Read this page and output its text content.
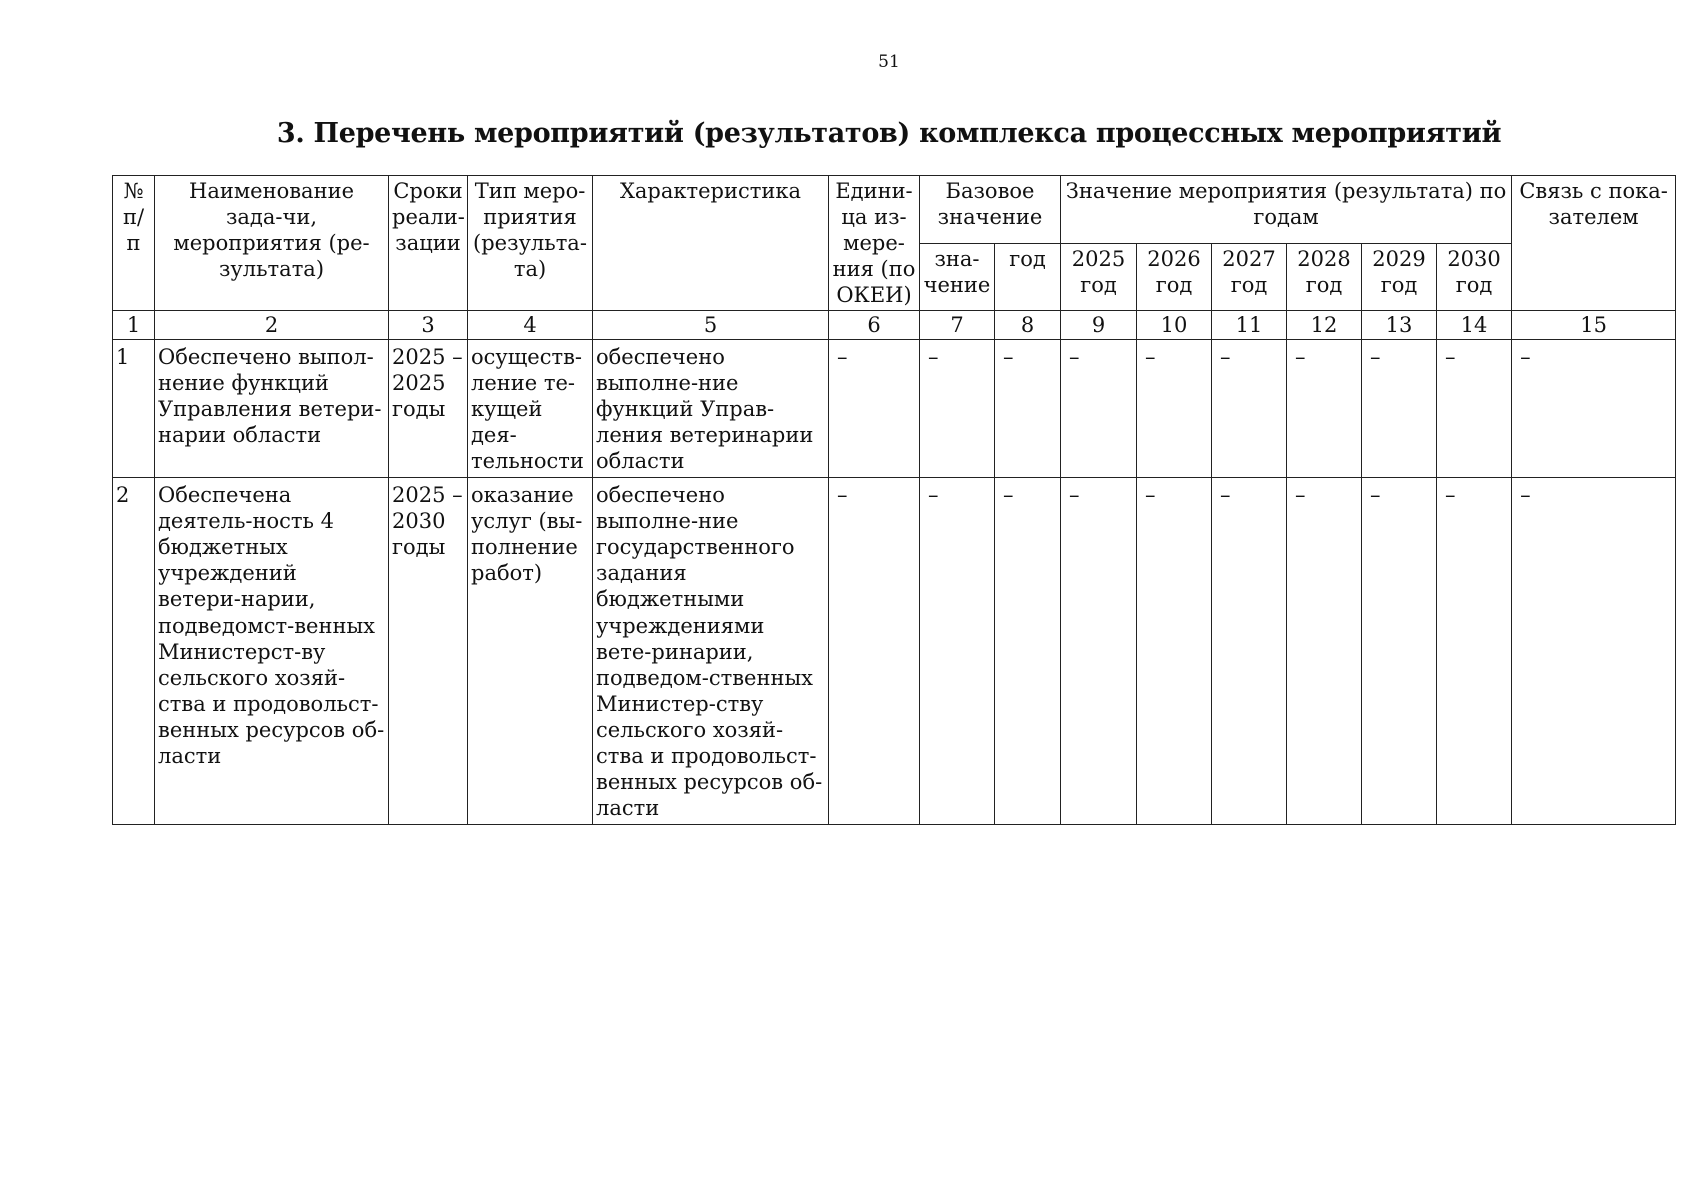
51
3. Перечень мероприятий (результатов) комплекса процессных мероприятий
№ п/п	Наименование зада-чи, мероприятия (ре-зультата)	Сроки реали-зации	Тип меро-приятия (результа-та)	Характеристика	Едини-ца из-мере-ния (по ОКЕИ)	Базовое значение		Значение мероприятия (результата) по годам						Связь с пока-зателем

						зна-чение	год	2025 год	2026 год	2027 год	2028 год	2029 год	2030 год	
1	2	3	4	5	6	7	8	9	10	11	12	13	14	15
1	Обеспечено выпол-нение функций Управления ветери-нарии области	2025 – 2025 годы	осуществ-ление те-кущей дея-тельности	обеспечено выполне-ние функций Управ-ления ветеринарии области	–	–	–	–	–	–	–	–	–	–
2	Обеспечена деятель-ность 4 бюджетных учреждений ветери-нарии, подведомст-венных Министерст-ву сельского хозяй-ства и продовольст-венных ресурсов об-ласти	2025 – 2030 годы	оказание услуг (вы-полнение работ)	обеспечено выполне-ние государственного задания бюджетными учреждениями вете-ринарии, подведом-ственных Министер-ству сельского хозяй-ства и продовольст-венных ресурсов об-ласти	–	–	–	–	–	–	–	–	–	–
